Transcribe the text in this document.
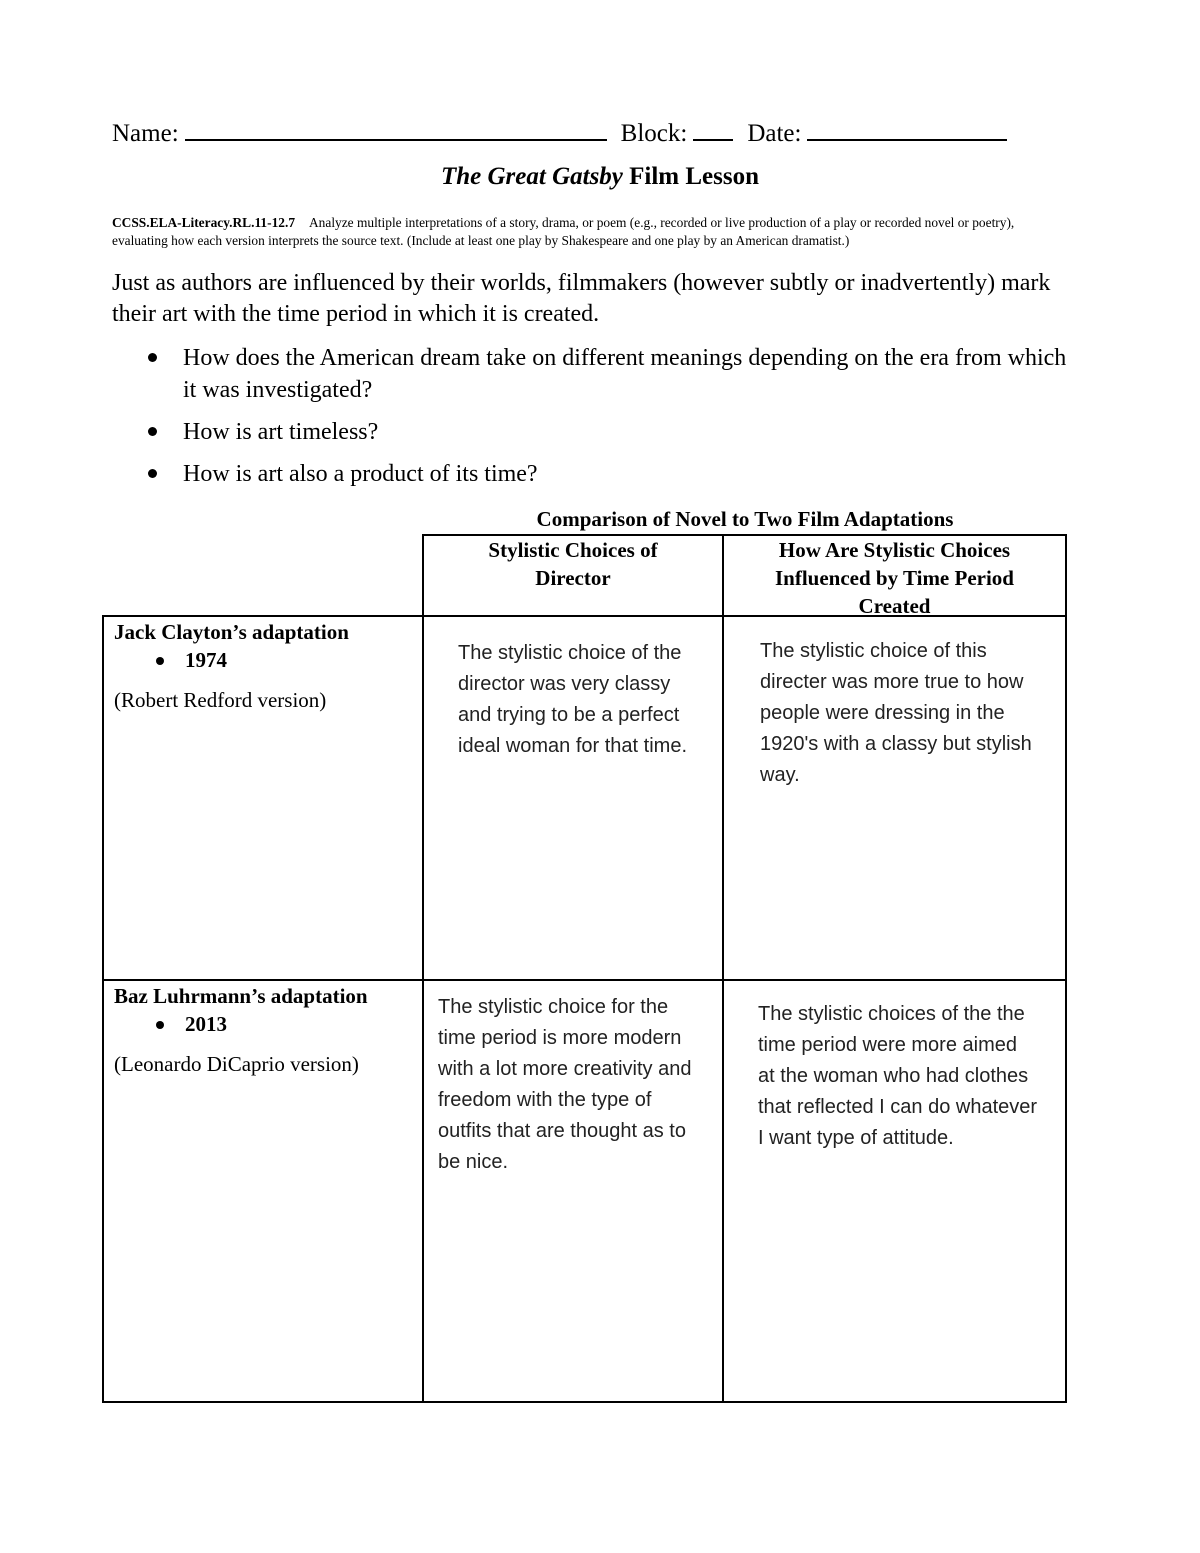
Name:	Block: Date:
The Great Gatsby Film Lesson
CCSS.ELA-Literacy.RL.11-12.7 Analyze multiple interpretations of a story, drama, or poem (e.g., recorded or live production of a play or recorded novel or poetry), evaluating how each version interprets the source text. (Include at least one play by Shakespeare and one play by an American dramatist.)
Just as authors are influenced by their worlds, filmmakers (however subtly or inadvertently) mark their art with the time period in which it is created.
How does the American dream take on different meanings depending on the era from which it was investigated?
How is art timeless?
How is art also a product of its time?
Comparison of Novel to Two Film Adaptations
Stylistic Choices of Director
How Are Stylistic Choices Influenced by Time Period Created
Jack Clayton’s adaptation
1974
(Robert Redford version)
The stylistic choice of the director was very classy and trying to be a perfect ideal woman for that time.
The stylistic choice of this directer was more true to how people were dressing in the 1920's with a classy but stylish way.
Baz Luhrmann’s adaptation
2013
(Leonardo DiCaprio version)
The stylistic choice for the time period is more modern with a lot more creativity and freedom with the type of outfits that are thought as to be nice.
The stylistic choices of the the time period were more aimed at the woman who had clothes that reflected I can do whatever I want type of attitude.
